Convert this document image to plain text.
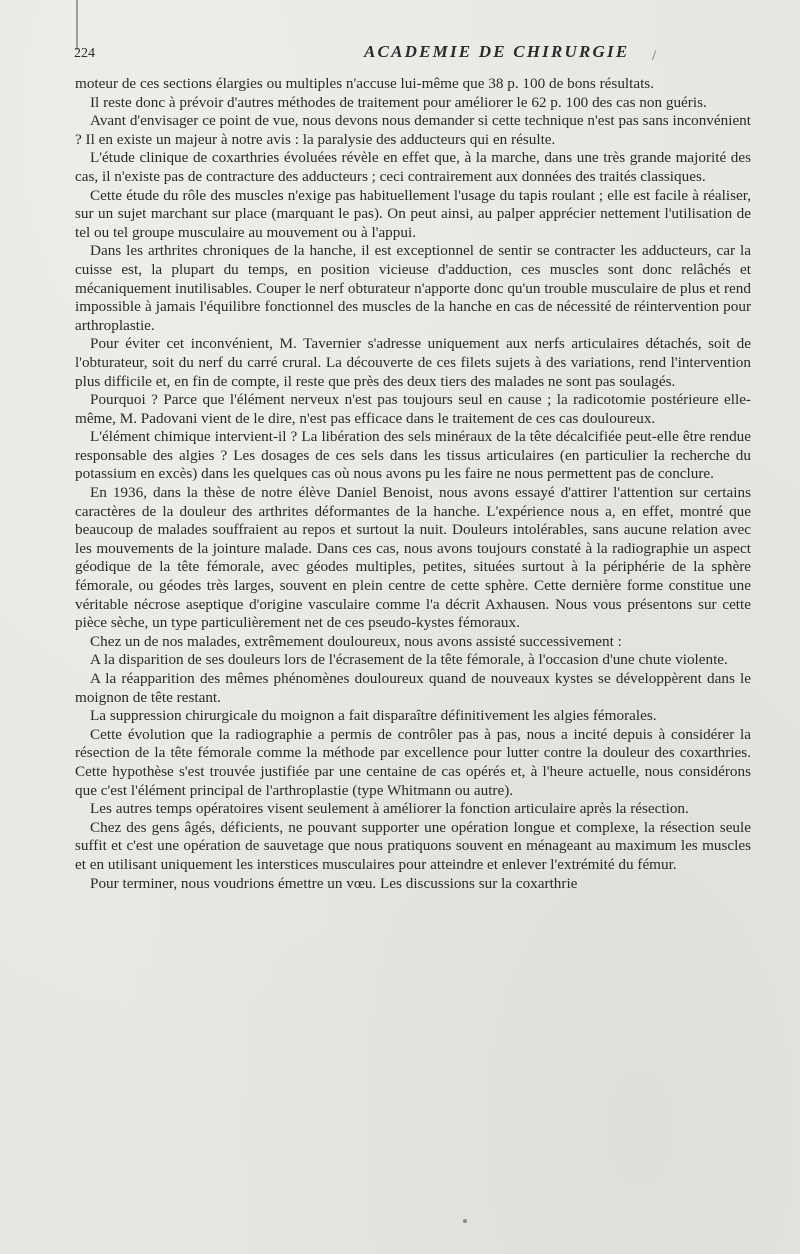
224	ACADEMIE DE CHIRURGIE /

moteur de ces sections élargies ou multiples n'accuse lui-même que 38 p. 100 de bons résultats.

Il reste donc à prévoir d'autres méthodes de traitement pour améliorer le 62 p. 100 des cas non guéris.

Avant d'envisager ce point de vue, nous devons nous demander si cette technique n'est pas sans inconvénient ? Il en existe un majeur à notre avis : la paralysie des adducteurs qui en résulte.

L'étude clinique de coxarthries évoluées révèle en effet que, à la marche, dans une très grande majorité des cas, il n'existe pas de contracture des adducteurs ; ceci contrairement aux données des traités classiques.

Cette étude du rôle des muscles n'exige pas habituellement l'usage du tapis roulant ; elle est facile à réaliser, sur un sujet marchant sur place (marquant le pas). On peut ainsi, au palper apprécier nettement l'utilisation de tel ou tel groupe musculaire au mouvement ou à l'appui.

Dans les arthrites chroniques de la hanche, il est exceptionnel de sentir se contracter les adducteurs, car la cuisse est, la plupart du temps, en position vicieuse d'adduction, ces muscles sont donc relâchés et mécaniquement inutilisables. Couper le nerf obturateur n'apporte donc qu'un trouble musculaire de plus et rend impossible à jamais l'équilibre fonctionnel des muscles de la hanche en cas de nécessité de réintervention pour arthroplastie.

Pour éviter cet inconvénient, M. Tavernier s'adresse uniquement aux nerfs articulaires détachés, soit de l'obturateur, soit du nerf du carré crural. La découverte de ces filets sujets à des variations, rend l'intervention plus difficile et, en fin de compte, il reste que près des deux tiers des malades ne sont pas soulagés.

Pourquoi ? Parce que l'élément nerveux n'est pas toujours seul en cause ; la radicotomie postérieure elle-même, M. Padovani vient de le dire, n'est pas efficace dans le traitement de ces cas douloureux.

L'élément chimique intervient-il ? La libération des sels minéraux de la tête décalcifiée peut-elle être rendue responsable des algies ? Les dosages de ces sels dans les tissus articulaires (en particulier la recherche du potassium en excès) dans les quelques cas où nous avons pu les faire ne nous permettent pas de conclure.

En 1936, dans la thèse de notre élève Daniel Benoist, nous avons essayé d'attirer l'attention sur certains caractères de la douleur des arthrites déformantes de la hanche. L'expérience nous a, en effet, montré que beaucoup de malades souffraient au repos et surtout la nuit. Douleurs intolérables, sans aucune relation avec les mouvements de la jointure malade. Dans ces cas, nous avons toujours constaté à la radiographie un aspect géodique de la tête fémorale, avec géodes multiples, petites, situées surtout à la périphérie de la sphère fémorale, ou géodes très larges, souvent en plein centre de cette sphère. Cette dernière forme constitue une véritable nécrose aseptique d'origine vasculaire comme l'a décrit Axhausen. Nous vous présentons sur cette pièce sèche, un type particulièrement net de ces pseudo-kystes fémoraux.

Chez un de nos malades, extrêmement douloureux, nous avons assisté successivement :

A la disparition de ses douleurs lors de l'écrasement de la tête fémorale, à l'occasion d'une chute violente.

A la réapparition des mêmes phénomènes douloureux quand de nouveaux kystes se développèrent dans le moignon de tête restant.

La suppression chirurgicale du moignon a fait disparaître définitivement les algies fémorales.

Cette évolution que la radiographie a permis de contrôler pas à pas, nous a incité depuis à considérer la résection de la tête fémorale comme la méthode par excellence pour lutter contre la douleur des coxarthries. Cette hypothèse s'est trouvée justifiée par une centaine de cas opérés et, à l'heure actuelle, nous considérons que c'est l'élément principal de l'arthroplastie (type Whitmann ou autre).

Les autres temps opératoires visent seulement à améliorer la fonction articulaire après la résection.

Chez des gens âgés, déficients, ne pouvant supporter une opération longue et complexe, la résection seule suffit et c'est une opération de sauvetage que nous pratiquons souvent en ménageant au maximum les muscles et en utilisant uniquement les interstices musculaires pour atteindre et enlever l'extrémité du fémur.

Pour terminer, nous voudrions émettre un vœu. Les discussions sur la coxarthrie
